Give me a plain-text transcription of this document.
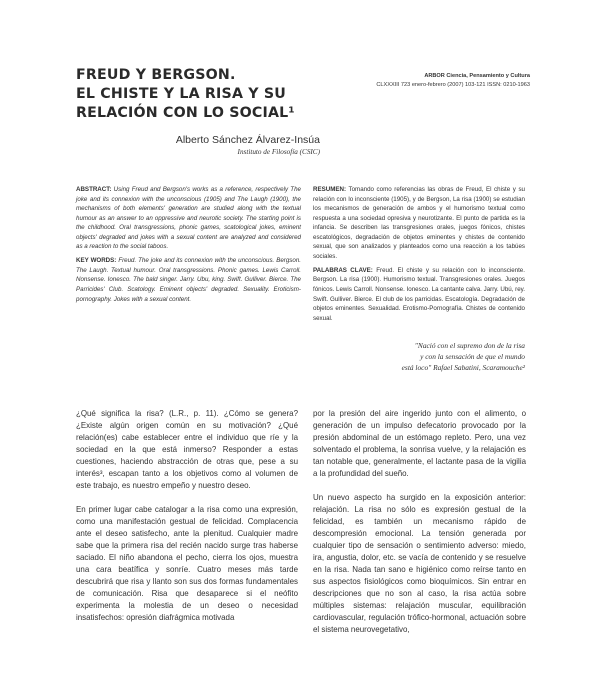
FREUD Y BERGSON.
EL CHISTE Y LA RISA Y SU
RELACIÓN CON LO SOCIAL¹
ARBOR Ciencia, Pensamiento y Cultura
CLXXXIII 723 enero-febrero (2007) 103-121 ISSN: 0210-1963
Alberto Sánchez Álvarez-Insúa
Instituto de Filosofía (CSIC)

ABSTRACT: Using Freud and Bergson's works as a reference, respectively The joke and its connexion with the unconscious (1905) and The Laugh (1900), the mechanisms of both elements' generation are studied along with the textual humour as an answer to an oppressive and neurotic society. The starting point is the childhood. Oral transgressions, phonic games, scatological jokes, eminent objects' degraded and jokes with a sexual content are analyzed and considered as a reaction to the social taboos.

KEY WORDS: Freud. The joke and its connexion with the unconscious. Bergson. The Laugh. Textual humour. Oral transgressions. Phonic games. Lewis Carroll. Nonsense. Ionesco. The bald singer. Jarry. Ubu, king. Swift. Gulliver. Bierce. The Parricides' Club. Scatology. Eminent objects' degraded. Sexuality. Eroticism-pornography. Jokes with a sexual content.

RESUMEN: Tomando como referencias las obras de Freud, El chiste y su relación con lo inconsciente (1905), y de Bergson, La risa (1900) se estudian los mecanismos de generación de ambos y el humorismo textual como respuesta a una sociedad opresiva y neurotizante. El punto de partida es la infancia. Se describen las transgresiones orales, juegos fónicos, chistes escatológicos, degradación de objetos eminentes y chistes de contenido sexual, que son analizados y planteados como una reacción a los tabúes sociales.

PALABRAS CLAVE: Freud. El chiste y su relación con lo inconsciente. Bergson. La risa (1900). Humorismo textual. Transgresiones orales. Juegos fónicos. Lewis Carroll. Nonsense. Ionesco. La cantante calva. Jarry. Ubú, rey. Swift. Gulliver. Bierce. El club de los parricidas. Escatología. Degradación de objetos eminentes. Sexualidad. Erotismo-Pornografía. Chistes de contenido sexual.

"Nació con el supremo don de la risa
y con la sensación de que el mundo
está loco" Rafael Sabatini, Scaramouche²

¿Qué significa la risa? (L.R., p. 11). ¿Cómo se genera? ¿Existe algún origen común en su motivación? ¿Qué relación(es) cabe establecer entre el individuo que ríe y la sociedad en la que está inmerso? Responder a estas cuestiones, haciendo abstracción de otras que, pese a su interés³, escapan tanto a los objetivos como al volumen de este trabajo, es nuestro empeño y nuestro deseo.

En primer lugar cabe catalogar a la risa como una expresión, como una manifestación gestual de felicidad. Complacencia ante el deseo satisfecho, ante la plenitud. Cualquier madre sabe que la primera risa del recién nacido surge tras haberse saciado. El niño abandona el pecho, cierra los ojos, muestra una cara beatífica y sonríe. Cuatro meses más tarde descubrirá que risa y llanto son sus dos formas fundamentales de comunicación. Risa que desaparece si el neófito experimenta la molestia de un deseo o necesidad insatisfechos: opresión diafrágmica motivada

por la presión del aire ingerido junto con el alimento, o generación de un impulso defecatorio provocado por la presión abdominal de un estómago repleto. Pero, una vez solventado el problema, la sonrisa vuelve, y la relajación es tan notable que, generalmente, el lactante pasa de la vigilia a la profundidad del sueño.

Un nuevo aspecto ha surgido en la exposición anterior: relajación. La risa no sólo es expresión gestual de la felicidad, es también un mecanismo rápido de descompresión emocional. La tensión generada por cualquier tipo de sensación o sentimiento adverso: miedo, ira, angustia, dolor, etc. se vacía de contenido y se resuelve en la risa. Nada tan sano e higiénico como reírse tanto en sus aspectos fisiológicos como bioquímicos. Sin entrar en descripciones que no son al caso, la risa actúa sobre múltiples sistemas: relajación muscular, equilibración cardiovascular, regulación trófico-hormonal, actuación sobre el sistema neurovegetativo,
